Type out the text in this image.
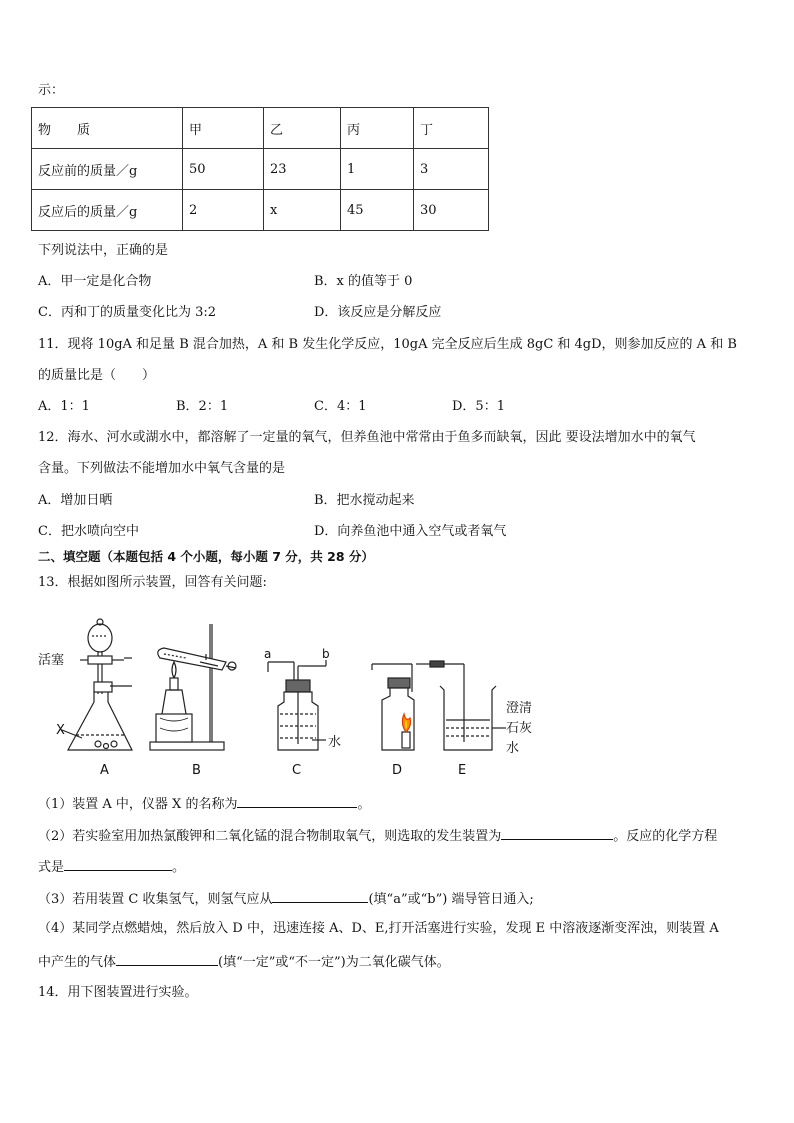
示：
物　　质	甲	乙	丙	丁
反应前的质量／g	50	23	1	3
反应后的质量／g	2	x	45	30
下列说法中，正确的是
A．甲一定是化合物	B．x 的值等于 0
C．丙和丁的质量变化比为 3:2	D．该反应是分解反应
11．现将 10gA 和足量 B 混合加热，A 和 B 发生化学反应，10gA 完全反应后生成 8gC 和 4gD，则参加反应的 A 和 B
的质量比是（　　）
A．1：1	B．2：1	C．4：1	D．5：1
12．海水、河水或湖水中，都溶解了一定量的氧气，但养鱼池中常常由于鱼多而缺氧，因此 要设法增加水中的氧气
含量。下列做法不能增加水中氧气含量的是
A．增加日晒	B．把水搅动起来
C．把水喷向空中	D．向养鱼池中通入空气或者氧气
二、填空题（本题包括 4 个小题，每小题 7 分，共 28 分）
13．根据如图所示装置，回答有关问题:
活塞
X
A	B
a	b
水
C	D
澄清
石灰
水
E
（1）装置 A 中，仪器 X 的名称为	。
（2）若实验室用加热氯酸钾和二氧化锰的混合物制取氧气，则选取的发生装置为	。反应的化学方程
式是	。
（3）若用装置 C 收集氢气，则氢气应从	(填“a”或“b”) 端导管日通入;
（4）某同学点燃蜡烛，然后放入 D 中，迅速连接 A、D、E,打开活塞进行实验，发现 E 中溶液逐渐变浑浊，则装置 A
中产生的气体	(填“一定”或“不一定”)为二氧化碳气体。
14．用下图装置进行实验。
